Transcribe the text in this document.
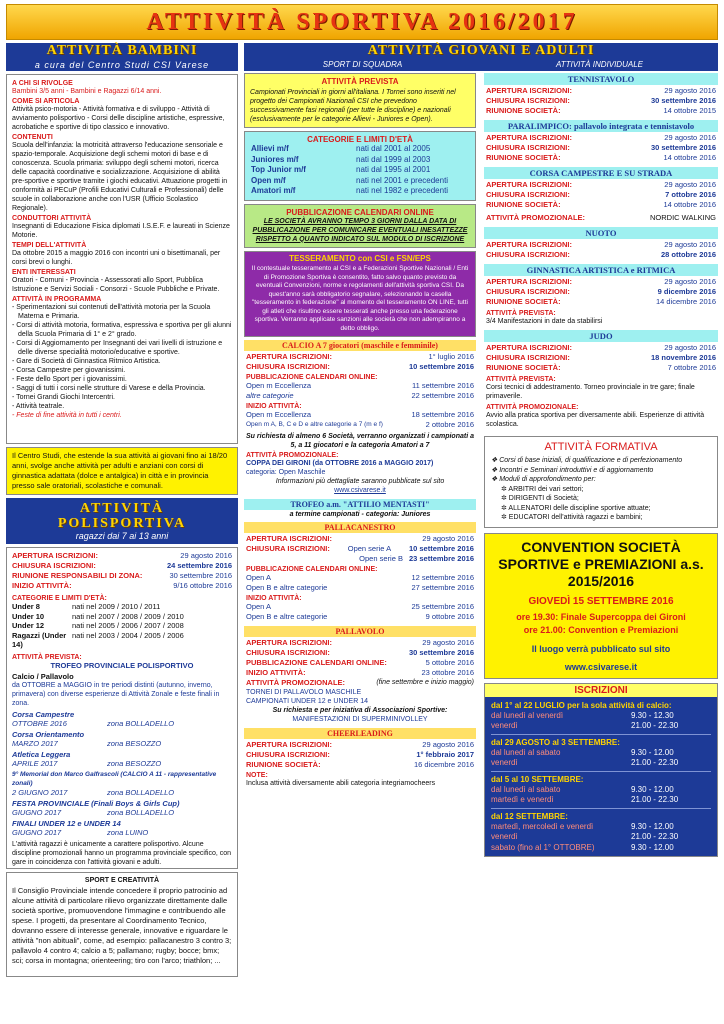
ATTIVITÀ SPORTIVA 2016/2017
ATTIVITÀ BAMBINI
a cura del Centro Studi CSI Varese
A CHI SI RIVOLGE
Bambini 3/5 anni - Bambini e Ragazzi 6/14 anni.
COME SI ARTICOLA
Attività psico-motoria - Attività formativa e di sviluppo - Attività di avviamento polisportivo - Corsi delle discipline artistiche, espressive, acrobatiche e sportive di tipo classico e innovativo.
CONTENUTI
Scuola dell'infanzia: la motricità attraverso l'educazione sensoriale e spazio-temporale. Acquisizione degli schemi motori di base e di conoscenza. Scuola primaria: sviluppo degli schemi motori, ricerca delle capacità coordinative e socializzazione. Acquisizione di abilità pre-sportive e sportive tramite i giochi educativi. Attuazione progetti in conformità ai PECuP (Profili Educativi Culturali e Professionali) delle scuole in collaborazione anche con l'USR (Ufficio Scolastico Regionale).
CONDUTTORI ATTIVITÀ
Insegnanti di Educazione Fisica diplomati I.S.E.F. e laureati in Scienze Motorie.
TEMPI DELL'ATTIVITÀ
Da ottobre 2015 a maggio 2016 con incontri uni o bisettimanali, per corsi brevi o lunghi.
ENTI INTERESSATI
Oratori - Comuni - Provincia - Assessorati allo Sport, Pubblica Istruzione e Servizi Sociali - Consorzi - Scuole Pubbliche e Private.
ATTIVITÀ IN PROGRAMMA
- Sperimentazioni sui contenuti dell'attività motoria per la Scuola Materna e Primaria.
- Corsi di attività motoria, formativa, espressiva e sportiva per gli alunni della Scuola Primaria di 1° e 2° grado.
- Corsi di Aggiornamento per Insegnanti dei vari livelli di istruzione e delle diverse specialità motorio/educative e sportive.
- Gare di Società di Ginnastica Ritmico Artistica.
- Corsa Campestre per giovanissimi.
- Feste dello Sport per i giovanissimi.
- Saggi di tutti i corsi nelle strutture di Varese e della Provincia.
- Tornei Grandi Giochi Intercentri.
- Attività teatrale.
- Feste di fine attività in tutti i centri.
Il Centro Studi, che estende la sua attività ai giovani fino ai 18/20 anni, svolge anche attività per adulti e anziani con corsi di ginnastica adattata (dolce e antalgica) in città e in provincia presso sale oratoriali, scolastiche e comunali.
ATTIVITÀ
POLISPORTIVA
ragazzi dai 7 ai 13 anni
APERTURA ISCRIZIONI:	29 agosto 2016
CHIUSURA ISCRIZIONI:	24 settembre 2016
RIUNIONE RESPONSABILI DI ZONA:	30 settembre 2016
INIZIO ATTIVITÀ:	9/16 ottobre 2016
CATEGORIE E LIMITI D'ETÀ:
Under 8	nati nel 2009 / 2010 / 2011
Under 10	nati nel 2007 / 2008 / 2009 / 2010
Under 12	nati nel 2005 / 2006 / 2007 / 2008
Ragazzi (Under 14)
nati nel 2003 / 2004 / 2005 / 2006
ATTIVITÀ PREVISTA:
TROFEO PROVINCIALE POLISPORTIVO
Calcio / Pallavolo
da OTTOBRE a MAGGIO in tre periodi distinti (autunno, inverno, primavera) con diverse esperienze di Attività Zonale e feste finali in zona.
Corsa Campestre
OTTOBRE 2016	zona BOLLADELLO
Corsa Orientamento
MARZO 2017	zona BESOZZO
Atletica Leggera
APRILE 2017	zona BESOZZO
9° Memorial don Marco Galfrascoli (CALCIO A 11 - rappresentative zonali)
2 GIUGNO 2017	zona BOLLADELLO
FESTA PROVINCIALE (Finali Boys & Girls Cup)
GIUGNO 2017	zona BOLLADELLO
FINALI UNDER 12 e UNDER 14
GIUGNO 2017	zona LUINO
L'attività ragazzi è unicamente a carattere polisportivo. Alcune discipline promozionali hanno un programma provinciale specifico, con gare in coincidenza con l'attività giovani e adulti.
SPORT E CREATIVITÀ
Il Consiglio Provinciale intende concedere il proprio patrocinio ad alcune attività di particolare rilievo organizzate direttamente dalle società sportive, promuovendone l'immagine e contribuendo alle spese. I progetti, da presentare al Coordinamento Tecnico, dovranno essere di interesse generale, innovative e riguardare le attività "non abituali", come, ad esempio: pallacanestro 3 contro 3; pallavolo 4 contro 4; calcio a 5; pallamano; rugby; bocce; bmx; sci; corsa in montagna; orienteering; tiro con l'arco; triathlon; ...
ATTIVITÀ GIOVANI E ADULTI
SPORT DI SQUADRA	ATTIVITÀ INDIVIDUALE
ATTIVITÀ PREVISTA
Campionati Provinciali in giorni all'italiana. I Tornei sono inseriti nel progetto dei Campionati Nazionali CSI che prevedono successivamente fasi regionali (per tutte le discipline) e nazionali (esclusivamente per le categorie Allievi - Juniores e Open).
CATEGORIE E LIMITI D'ETÀ
Allievi m/f	nati dal 2001 al 2005
Juniores m/f	nati dal 1999 al 2003
Top Junior m/f	nati dal 1995 al 2001
Open m/f	nati nel 2001 e precedenti
Amatori m/f	nati nel 1982 e precedenti
PUBBLICAZIONE CALENDARI ONLINE
LE SOCIETÀ AVRANNO TEMPO 3 GIORNI DALLA DATA DI PUBBLICAZIONE PER COMUNICARE EVENTUALI INESATTEZZE RISPETTO A QUANTO INDICATO SUL MODULO DI ISCRIZIONE
TESSERAMENTO con CSI e FSN/EPS
Il contestuale tesseramento al CSI e a Federazioni Sportive Nazionali / Enti di Promozione Sportiva è consentito, fatto salvo quanto previsto da eventuali Convenzioni, norme e regolamenti dell'attività sportiva CSI. Da quest'anno sarà obbligatorio segnalare, selezionando la casella "tesseramento in federazione" al momento del tesseramento ON LINE, tutti gli atleti che risultino essere tesserati anche presso una federazione sportiva. Verranno applicate sanzioni alle società che non adempiranno a detto obbligo.
CALCIO A 7 giocatori (maschile e femminile)
APERTURA ISCRIZIONI:	1° luglio 2016
CHIUSURA ISCRIZIONI:	10 settembre 2016
PUBBLICAZIONE CALENDARI ONLINE:
Open m Eccellenza	11 settembre 2016
altre categorie	22 settembre 2016
INIZIO ATTIVITÀ:
Open m Eccellenza	18 settembre 2016
Open m A, B, C e D e altre categorie a 7 (m e f)	2 ottobre 2016
Su richiesta di almeno 6 Società, verranno organizzati i campionati a 5, a 11 giocatori e la categoria Amatori a 7
ATTIVITÀ PROMOZIONALE:
COPPA DEI GIRONI (da OTTOBRE 2016 a MAGGIO 2017)
categoria: Open Maschile
Informazioni più dettagliate saranno pubblicate sul sito
www.csivarese.it
TROFEO a.m. "ATTILIO MENTASTI"
a termine campionati - categoria: Juniores
PALLACANESTRO
APERTURA ISCRIZIONI:	29 agosto 2016
CHIUSURA ISCRIZIONI: Open serie A 10 settembre 2016
Open serie B 23 settembre 2016
PUBBLICAZIONE CALENDARI ONLINE:
Open A	12 settembre 2016
Open B e altre categorie	27 settembre 2016
INIZIO ATTIVITÀ:
Open A	25 settembre 2016
Open B e altre categorie	9 ottobre 2016
PALLAVOLO
APERTURA ISCRIZIONI:	29 agosto 2016
CHIUSURA ISCRIZIONI:	30 settembre 2016
PUBBLICAZIONE CALENDARI ONLINE:	5 ottobre 2016
INIZIO ATTIVITÀ:	23 ottobre 2016
ATTIVITÀ PROMOZIONALE:	(fine settembre e inizio maggio)
TORNEI DI PALLAVOLO MASCHILE
CAMPIONATI UNDER 12 e UNDER 14
Su richiesta e per iniziativa di Associazioni Sportive:
MANIFESTAZIONI DI SUPERMINIVOLLEY
CHEERLEADING
APERTURA ISCRIZIONI:	29 agosto 2016
CHIUSURA ISCRIZIONI:	1° febbraio 2017
RIUNIONE SOCIETÀ:	16 dicembre 2016
NOTE:
Inclusa attività diversamente abili categoria integriamocheers
TENNISTAVOLO
APERTURA ISCRIZIONI:	29 agosto 2016
CHIUSURA ISCRIZIONI:	30 settembre 2016
RIUNIONE SOCIETÀ:	14 ottobre 2015
PARALIMPICO: pallavolo integrata e tennistavolo
APERTURA ISCRIZIONI:	29 agosto 2016
CHIUSURA ISCRIZIONI:	30 settembre 2016
RIUNIONE SOCIETÀ:	14 ottobre 2016
CORSA CAMPESTRE E SU STRADA
APERTURA ISCRIZIONI:	29 agosto 2016
CHIUSURA ISCRIZIONI:	7 ottobre 2016
RIUNIONE SOCIETÀ:	14 ottobre 2016
ATTIVITÀ PROMOZIONALE:	NORDIC WALKING
NUOTO
APERTURA ISCRIZIONI:	29 agosto 2016
CHIUSURA ISCRIZIONI:	28 ottobre 2016
GINNASTICA ARTISTICA e RITMICA
APERTURA ISCRIZIONI:	29 agosto 2016
CHIUSURA ISCRIZIONI:	9 dicembre 2016
RIUNIONE SOCIETÀ:	14 dicembre 2016
ATTIVITÀ PREVISTA:
3/4 Manifestazioni in date da stabilirsi
JUDO
APERTURA ISCRIZIONI:	29 agosto 2016
CHIUSURA ISCRIZIONI:	18 novembre 2016
RIUNIONE SOCIETÀ:	7 ottobre 2016
ATTIVITÀ PREVISTA:
Corsi tecnici di addestramento. Torneo provinciale in tre gare; finale primaverile.
ATTIVITÀ PROMOZIONALE:
Avvio alla pratica sportiva per diversamente abili. Esperienze di attività scolastica.
ATTIVITÀ FORMATIVA
❖ Corsi di base iniziali, di qualificazione e di perfezionamento
❖ Incontri e Seminari introduttivi e di aggiornamento
❖ Moduli di approfondimento per:
✲ ARBITRI dei vari settori;
✲ DIRIGENTI di Società;
✲ ALLENATORI delle discipline sportive attuate;
✲ EDUCATORI dell'attività ragazzi e bambini;
CONVENTION SOCIETÀ SPORTIVE e PREMIAZIONI a.s. 2015/2016
GIOVEDÌ 15 SETTEMBRE 2016
ore 19.30: Finale Supercoppa dei Gironi
ore 21.00: Convention e Premiazioni
Il luogo verrà pubblicato sul sito
www.csivarese.it
ISCRIZIONI
dal 1° al 22 LUGLIO per la sola attività di calcio:
dal lunedì al venerdì	9.30 - 12.30
venerdì	21.00 - 22.30
dal 29 AGOSTO al 3 SETTEMBRE:
dal lunedì al sabato	9.30 - 12.00
venerdì	21.00 - 22.30
dal 5 al 10 SETTEMBRE:
dal lunedì al sabato	9.30 - 12.00
martedì e venerdì	21.00 - 22.30
dal 12 SETTEMBRE:
martedì, mercoledì e venerdì	9.30 - 12.00
venerdì	21.00 - 22.30
sabato (fino al 1° OTTOBRE)	9.30 - 12.00
